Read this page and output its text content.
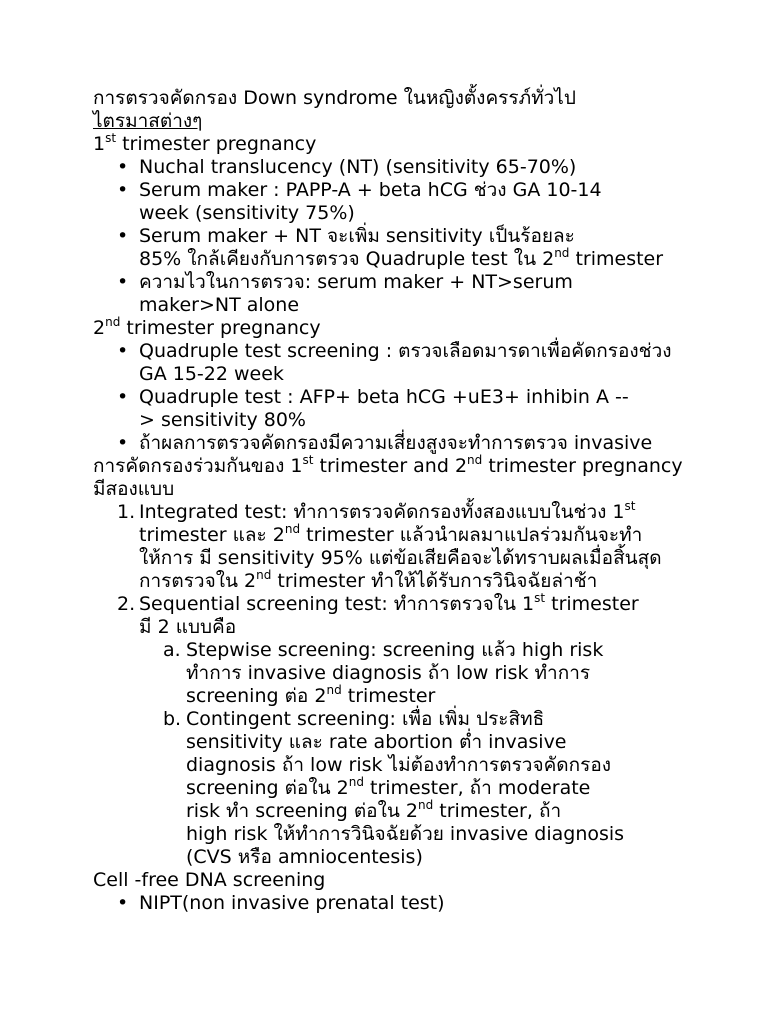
การตรวจคัดกรอง Down syndrome ในหญิงตั้งครรภ์ทั่วไป
ไตรมาสต่างๆ
1st trimester pregnancy
• Nuchal translucency (NT) (sensitivity 65-70%)
• Serum maker : PAPP-A + beta hCG ช่วง GA 10-14
week (sensitivity 75%)
• Serum maker + NT จะเพิ่ม sensitivity เป็นร้อยละ
85% ใกล้เคียงกับการตรวจ Quadruple test ใน 2nd trimester
• ความไวในการตรวจ: serum maker + NT>serum
maker>NT alone
2nd trimester pregnancy
• Quadruple test screening : ตรวจเลือดมารดาเพื่อคัดกรองช่วง
GA 15-22 week
• Quadruple test : AFP+ beta hCG +uE3+ inhibin A --
> sensitivity 80%
• ถ้าผลการตรวจคัดกรองมีความเสี่ยงสูงจะทำการตรวจ invasive
การคัดกรองร่วมกันของ 1st trimester and 2nd trimester pregnancy
มีสองแบบ
1. Integrated test: ทำการตรวจคัดกรองทั้งสองแบบในช่วง 1st
trimester และ 2nd trimester แล้วนำผลมาแปลร่วมกันจะทำ
ให้การ มี sensitivity 95% แต่ข้อเสียคือจะได้ทราบผลเมื่อสิ้นสุด
การตรวจใน 2nd trimester ทำให้ได้รับการวินิจฉัยล่าช้า
2. Sequential screening test: ทำการตรวจใน 1st trimester
มี 2 แบบคือ
a. Stepwise screening: screening แล้ว high risk
ทำการ invasive diagnosis ถ้า low risk ทำการ
screening ต่อ 2nd trimester
b. Contingent screening: เพื่อ เพิ่ม ประสิทธิ
sensitivity และ rate abortion ต่ำ invasive
diagnosis ถ้า low risk ไม่ต้องทำการตรวจคัดกรอง
screening ต่อใน 2nd trimester, ถ้า moderate
risk ทำ screening ต่อใน 2nd trimester, ถ้า
high risk ให้ทำการวินิจฉัยด้วย invasive diagnosis
(CVS หรือ amniocentesis)
Cell -free DNA screening
• NIPT(non invasive prenatal test)
